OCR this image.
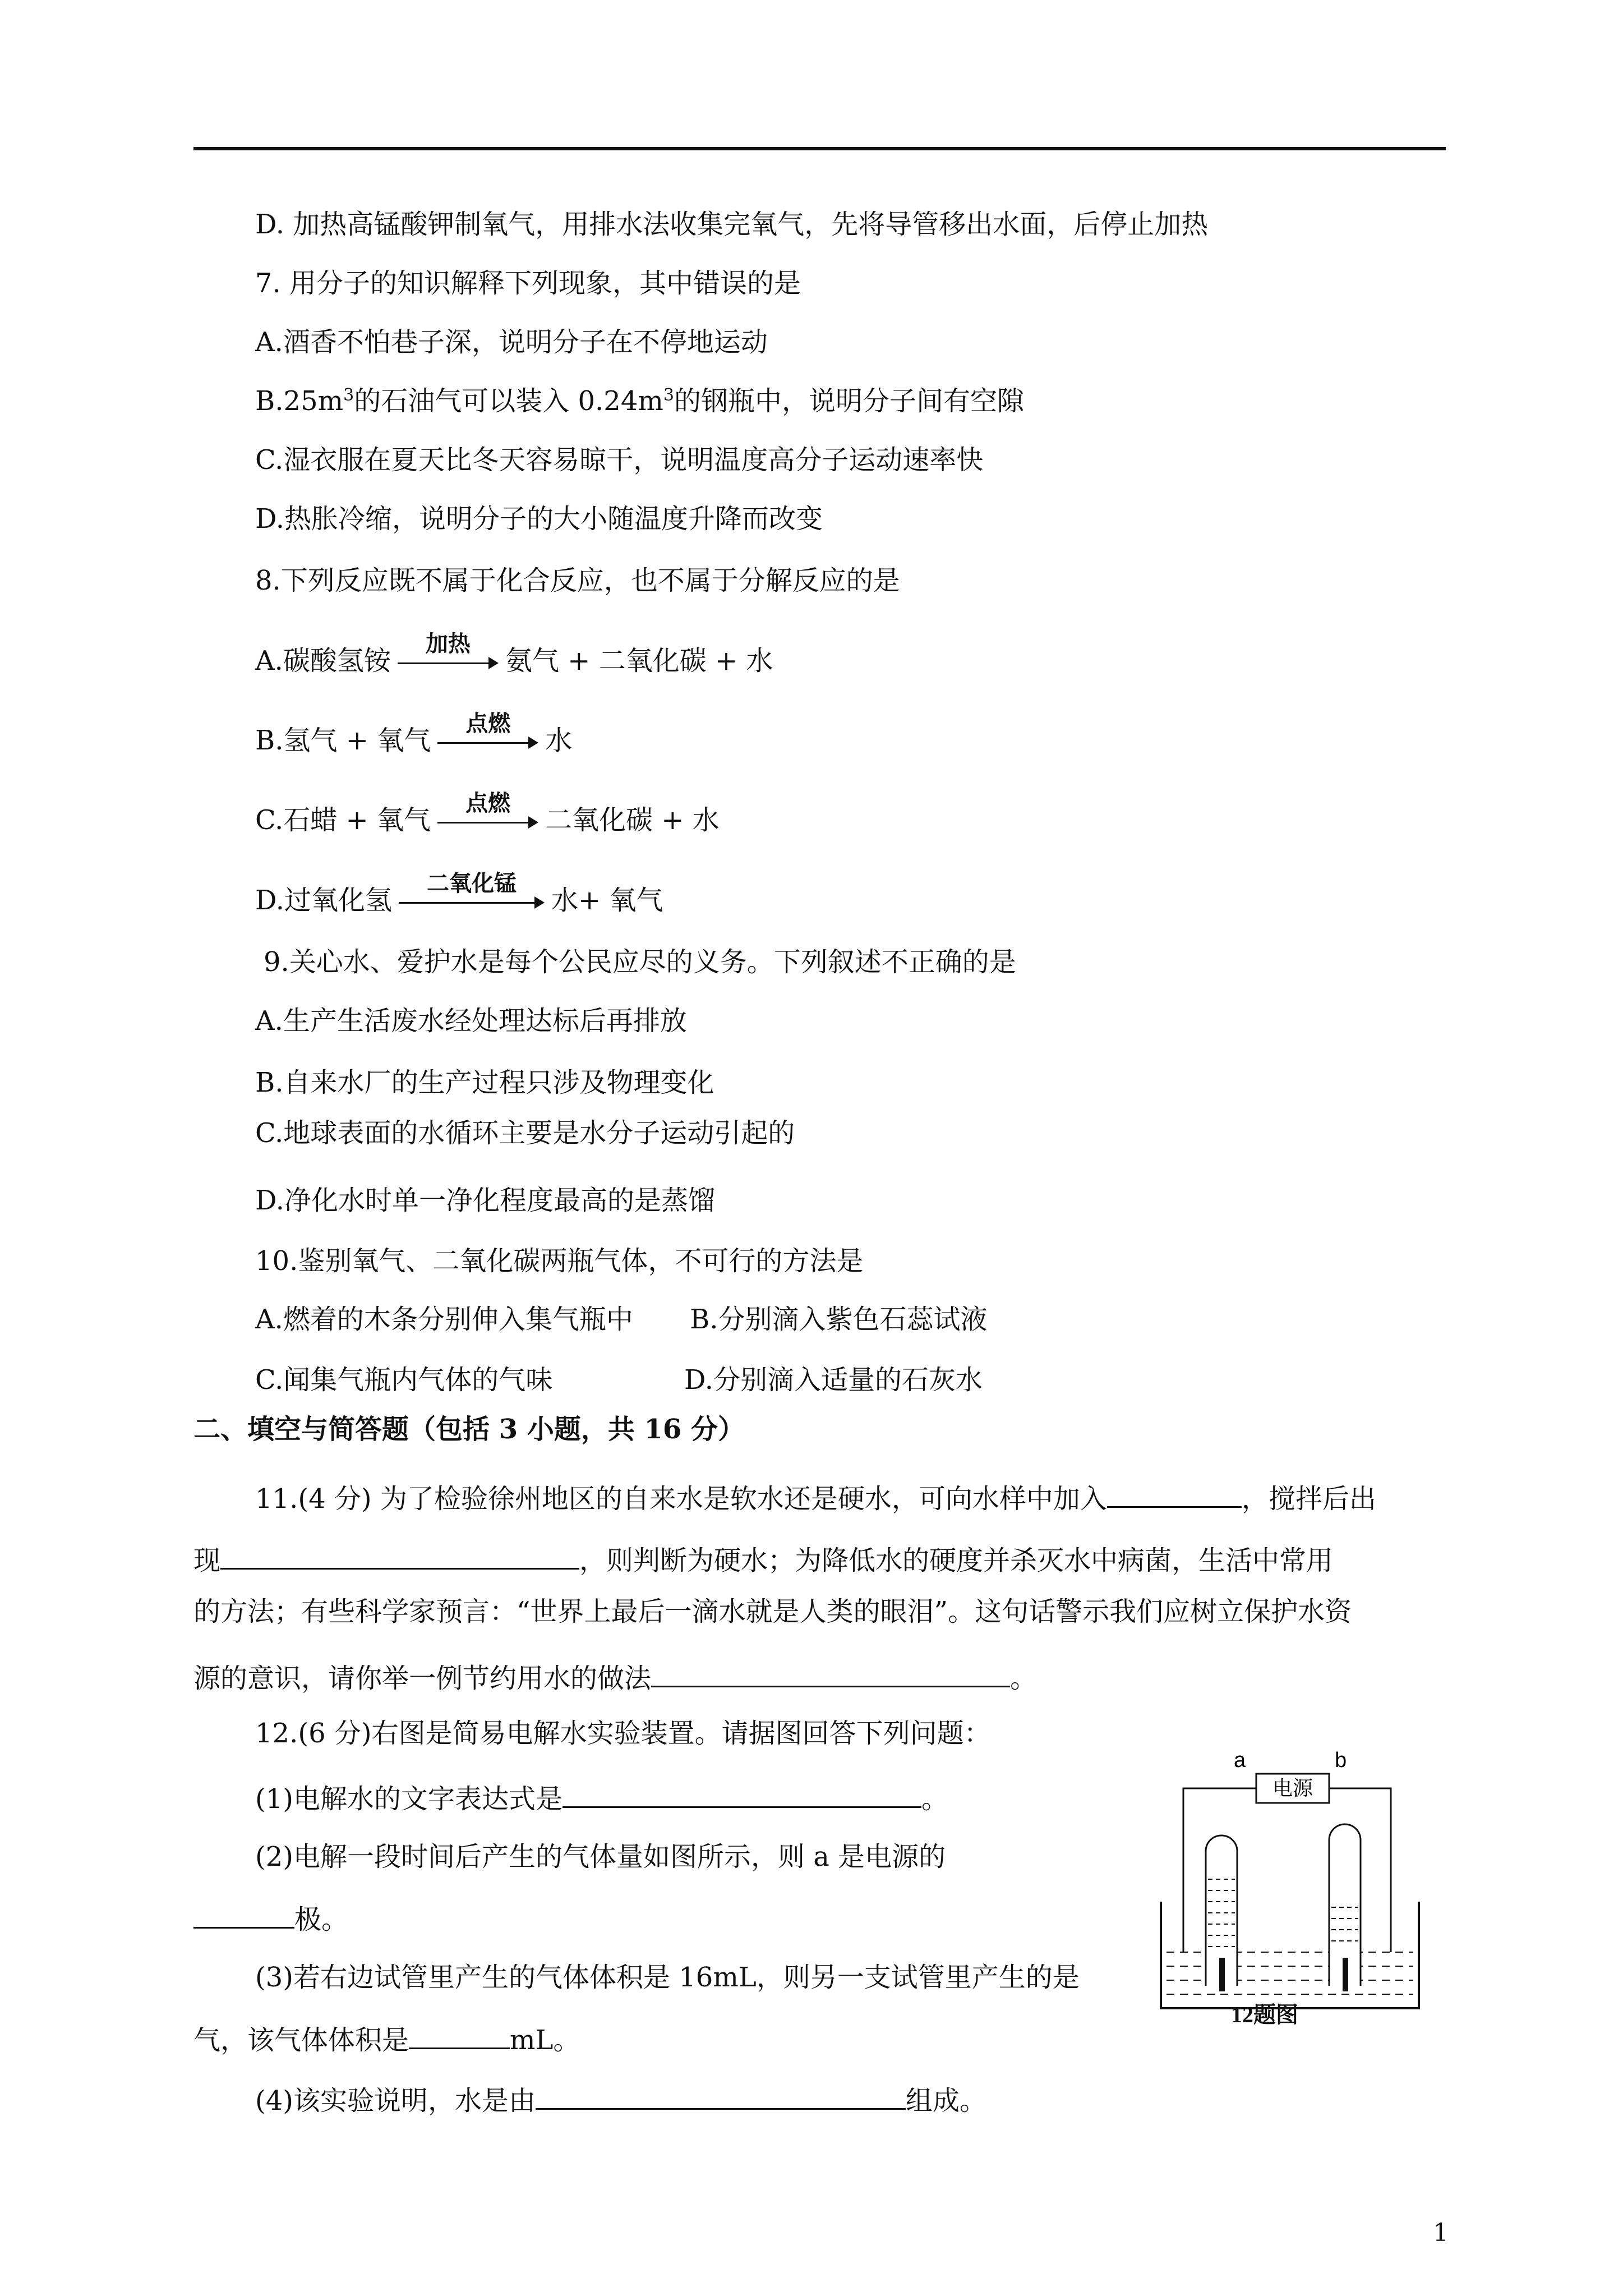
D. 加热高锰酸钾制氧气，用排水法收集完氧气，先将导管移出水面，后停止加热
7. 用分子的知识解释下列现象，其中错误的是
A.酒香不怕巷子深，说明分子在不停地运动
$B.25m^3$的石油气可以装入 $0.24m^3$的钢瓶中，说明分子间有空隙
C.湿衣服在夏天比冬天容易晾干，说明温度高分子运动速率快
D.热胀冷缩，说明分子的大小随温度升降而改变
8.下列反应既不属于化合反应，也不属于分解反应的是
A.碳酸氢铵
加热
氨气 + 二氧化碳 + 水
B.氢气 + 氧气
点燃
水
C.石蜡 + 氧气
点燃
二氧化碳 + 水
D.过氧化氢
二氧化锰
水+ 氧气
9.关心水、爱护水是每个公民应尽的义务。下列叙述不正确的是
A.生产生活废水经处理达标后再排放
B.自来水厂的生产过程只涉及物理变化
C.地球表面的水循环主要是水分子运动引起的
D.净化水时单一净化程度最高的是蒸馏
10.鉴别氧气、二氧化碳两瓶气体，不可行的方法是
A.燃着的木条分别伸入集气瓶中 B.分别滴入紫色石蕊试液
C.闻集气瓶内气体的气味	D.分别滴入适量的石灰水
二、填空与简答题（包括 3 小题，共 16 分）
11.(4 分) 为了检验徐州地区的自来水是软水还是硬水，可向水样中加入	，搅拌后出
现	，则判断为硬水；为降低水的硬度并杀灭水中病菌，生活中常用
的方法；有些科学家预言：“世界上最后一滴水就是人类的眼泪”。这句话警示我们应树立保护水资
源的意识，请你举一例节约用水的做法	。
12.(6 分)右图是简易电解水实验装置。请据图回答下列问题：
(1)电解水的文字表达式是	。
(2)电解一段时间后产生的气体量如图所示，则 a 是电源的
极。
(3)若右边试管里产生的气体体积是 16mL，则另一支试管里产生的是
气，该气体体积是	mL。
(4)该实验说明，水是由	组成。
a	b
电源
12题图
1
